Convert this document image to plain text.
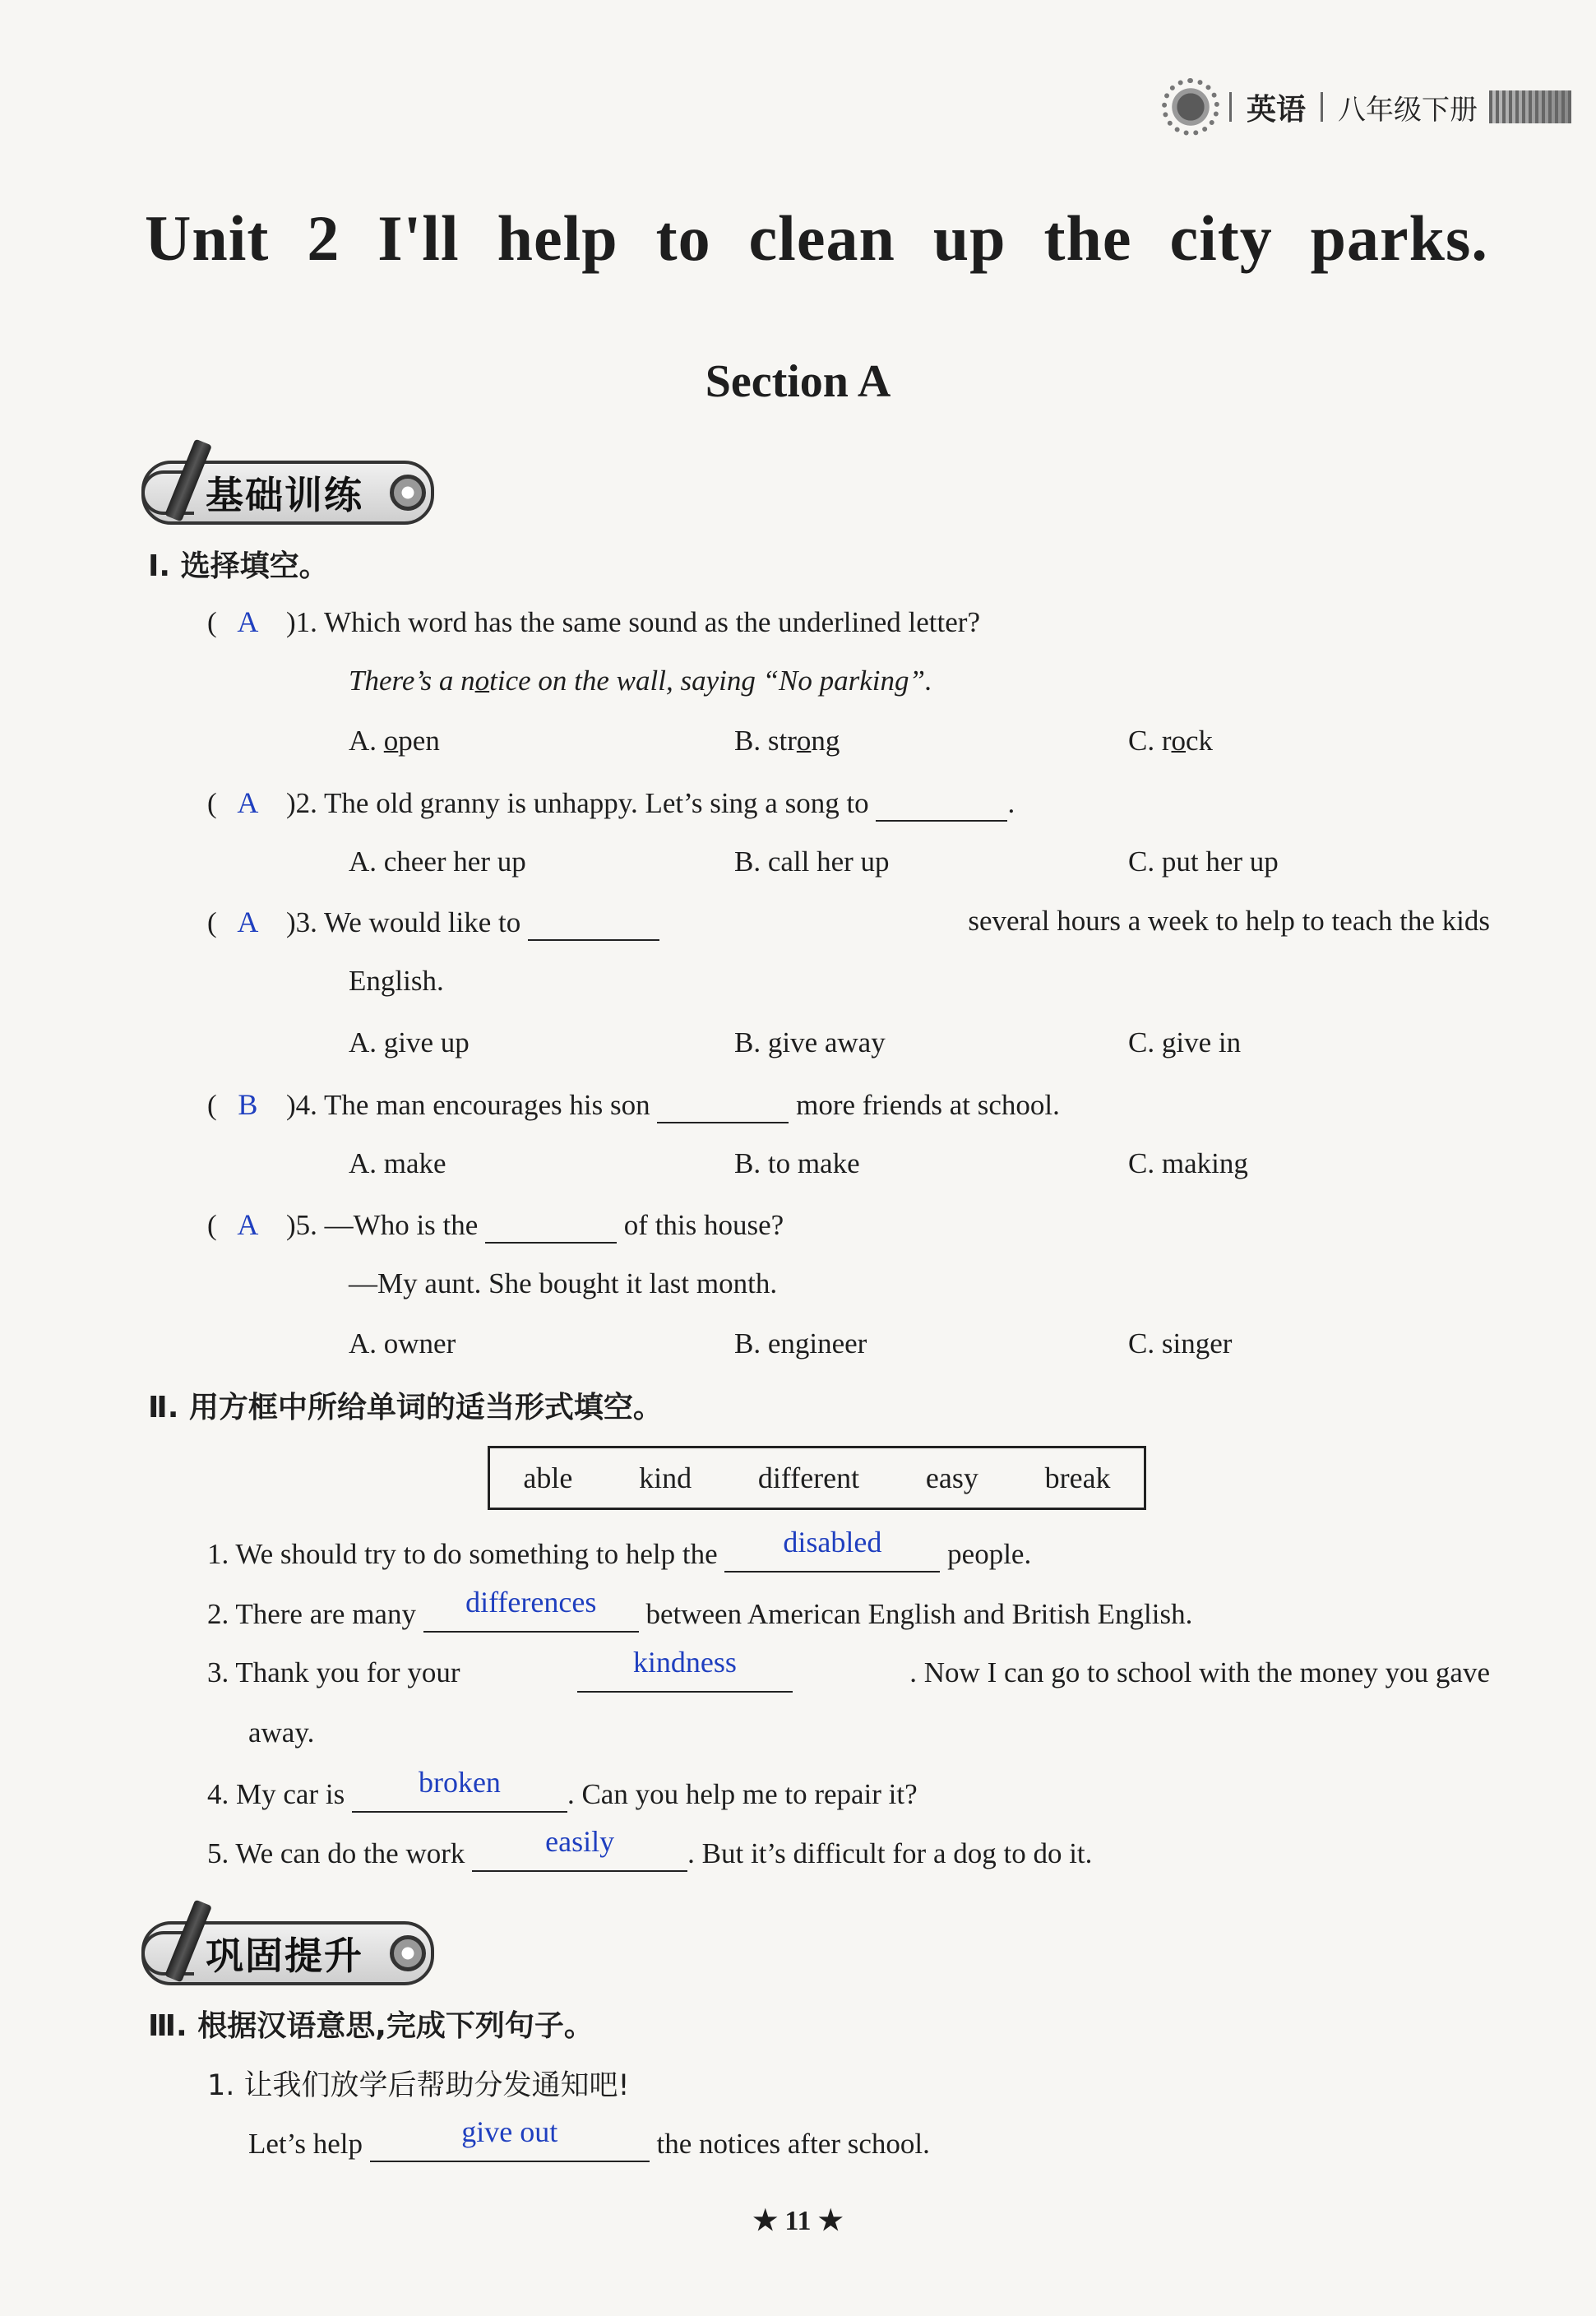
英语 八年级下册
Unit 2 I'll help to clean up the city parks.
Section A
基础训练
Ⅰ. 选择填空。
( A )1. Which word has the same sound as the underlined letter?
There’s a notice on the wall, saying “No parking”.
A. open	B. strong	C. rock
( A )2. The old granny is unhappy. Let’s sing a song to	.
A. cheer her up	B. call her up	C. put her up
( A )3. We would like to	several hours a week to help to teach the kids
English.
A. give up	B. give away	C. give in
( B )4. The man encourages his son	more friends at school.
A. make	B. to make	C. making
( A )5. —Who is the	of this house?
—My aunt. She bought it last month.
A. owner	B. engineer	C. singer
Ⅱ. 用方框中所给单词的适当形式填空。
able kind different easy break
1. We should try to do something to help the disabled people.
2. There are many differences between American English and British English.
3. Thank you for your	kindness	. Now I can go to school with the money you gave
away.
4. My car is broken . Can you help me to repair it?
5. We can do the work	easily	. But it’s difficult for a dog to do it.
巩固提升
Ⅲ. 根据汉语意思,完成下列句子。
1. 让我们放学后帮助分发通知吧!
Let’s help	give out	the notices after school.
★ 11 ★
